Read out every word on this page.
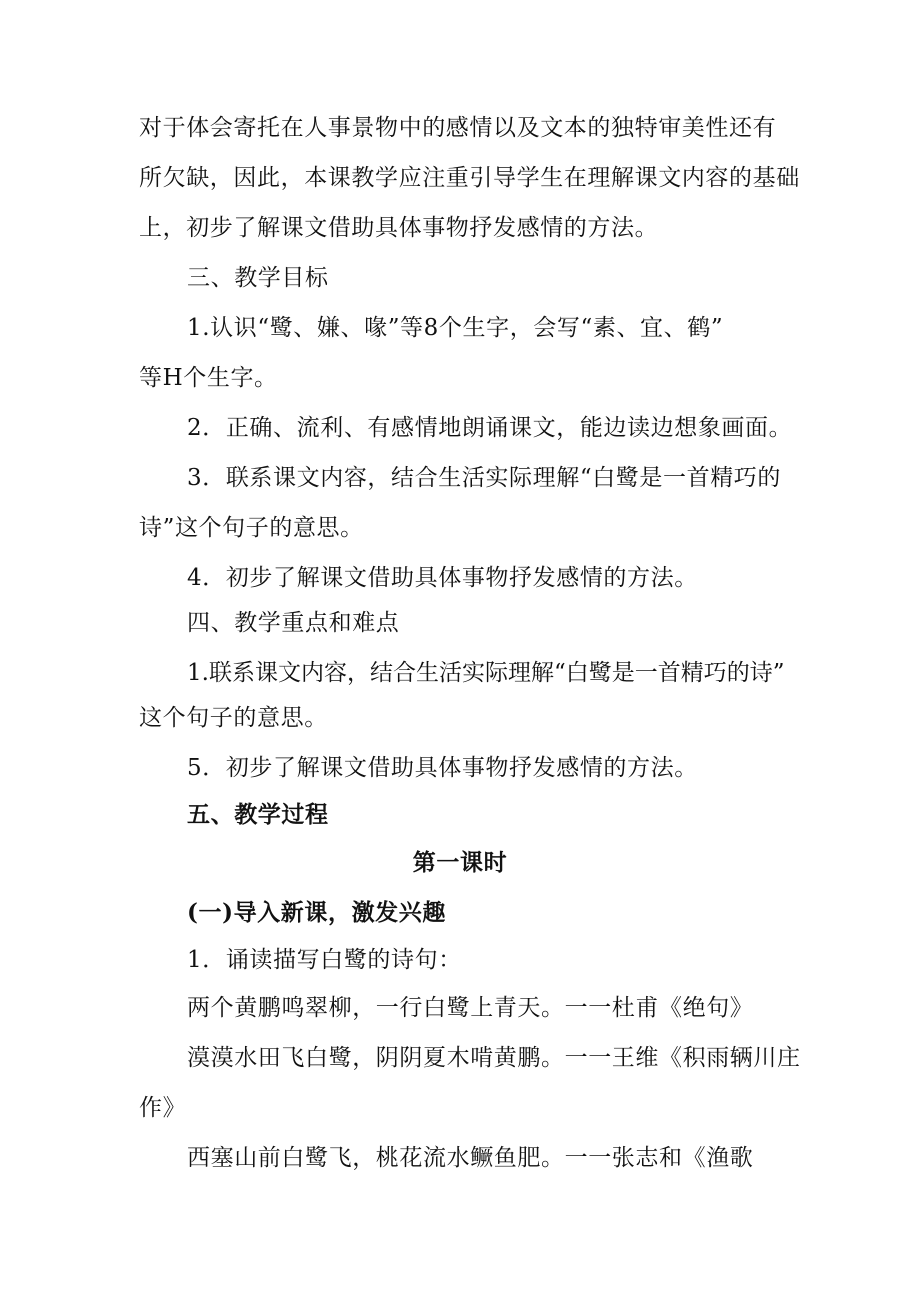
对于体会寄托在人事景物中的感情以及文本的独特审美性还有
所欠缺，因此，本课教学应注重引导学生在理解课文内容的基础
上，初步了解课文借助具体事物抒发感情的方法。
三、教学目标
1.认识“鹭、嫌、喙”等8个生字，会写“素、宜、鹤”
等H个生字。
2．正确、流利、有感情地朗诵课文，能边读边想象画面。
3．联系课文内容，结合生活实际理解“白鹭是一首精巧的
诗”这个句子的意思。
4．初步了解课文借助具体事物抒发感情的方法。
四、教学重点和难点
1.联系课文内容，结合生活实际理解“白鹭是一首精巧的诗”
这个句子的意思。
5．初步了解课文借助具体事物抒发感情的方法。
五、教学过程
第一课时
(一)导入新课，激发兴趣
1．诵读描写白鹭的诗句：
两个黄鹏鸣翠柳，一行白鹭上青天。一一杜甫《绝句》
漠漠水田飞白鹭，阴阴夏木啃黄鹏。一一王维《积雨辆川庄
作》
西塞山前白鹭飞，桃花流水鳜鱼肥。一一张志和《渔歌
